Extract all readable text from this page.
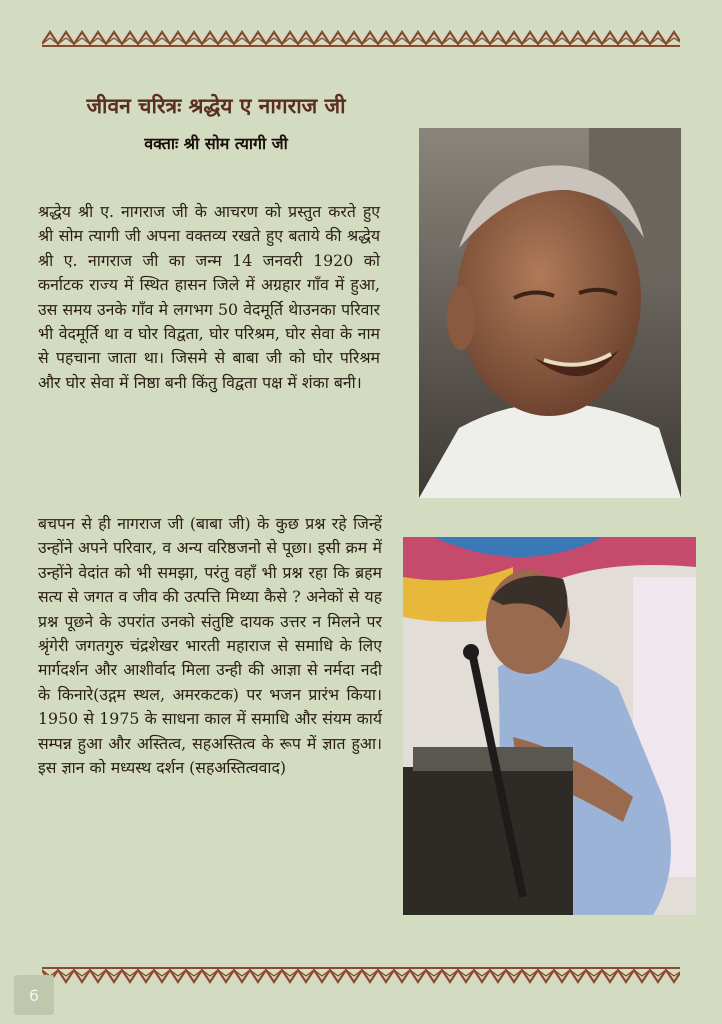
जीवन चरित्रः श्रद्धेय ए नागराज जी
वक्ताः श्री सोम त्यागी जी

श्रद्धेय श्री ए. नागराज जी के आचरण को प्रस्तुत करते हुए श्री सोम त्यागी जी अपना वक्तव्य रखते हुए बताये की श्रद्धेय श्री ए. नागराज जी का जन्म 14 जनवरी 1920 को कर्नाटक राज्य में स्थित हासन जिले में अग्रहार गाँव में हुआ, उस समय उनके गाँव मे लगभग 50 वेदमूर्ति थेाउनका परिवार भी वेदमूर्ति था व घोर विद्वता, घोर परिश्रम, घोर सेवा के नाम से पहचाना जाता था। जिसमे से बाबा जी को घोर परिश्रम और घोर सेवा में निष्ठा बनी किंतु विद्वता पक्ष में शंका बनी।

बचपन से ही नागराज जी (बाबा जी) के कुछ प्रश्न रहे जिन्हें उन्होंने अपने परिवार, व अन्य वरिष्ठजनो से पूछा। इसी क्रम में उन्होंने वेदांत को भी समझा, परंतु वहाँ भी प्रश्न रहा कि ब्रहम सत्य से जगत व जीव की उत्पत्ति मिथ्या कैसे ? अनेकों से यह प्रश्न पूछने के उपरांत उनको संतुष्टि दायक उत्तर न मिलने पर श्रृंगेरी जगतगुरु चंद्रशेखर भारती महाराज से समाधि के लिए मार्गदर्शन और आशीर्वाद मिला उन्ही की आज्ञा से नर्मदा नदी के किनारे(उद्गम स्थल, अमरकटक) पर भजन प्रारंभ किया। 1950 से 1975 के साधना काल में समाधि और संयम कार्य सम्पन्न हुआ और अस्तित्व, सहअस्तित्व के रूप में ज्ञात हुआ। इस ज्ञान को मध्यस्थ दर्शन (सहअस्तित्ववाद)

6
